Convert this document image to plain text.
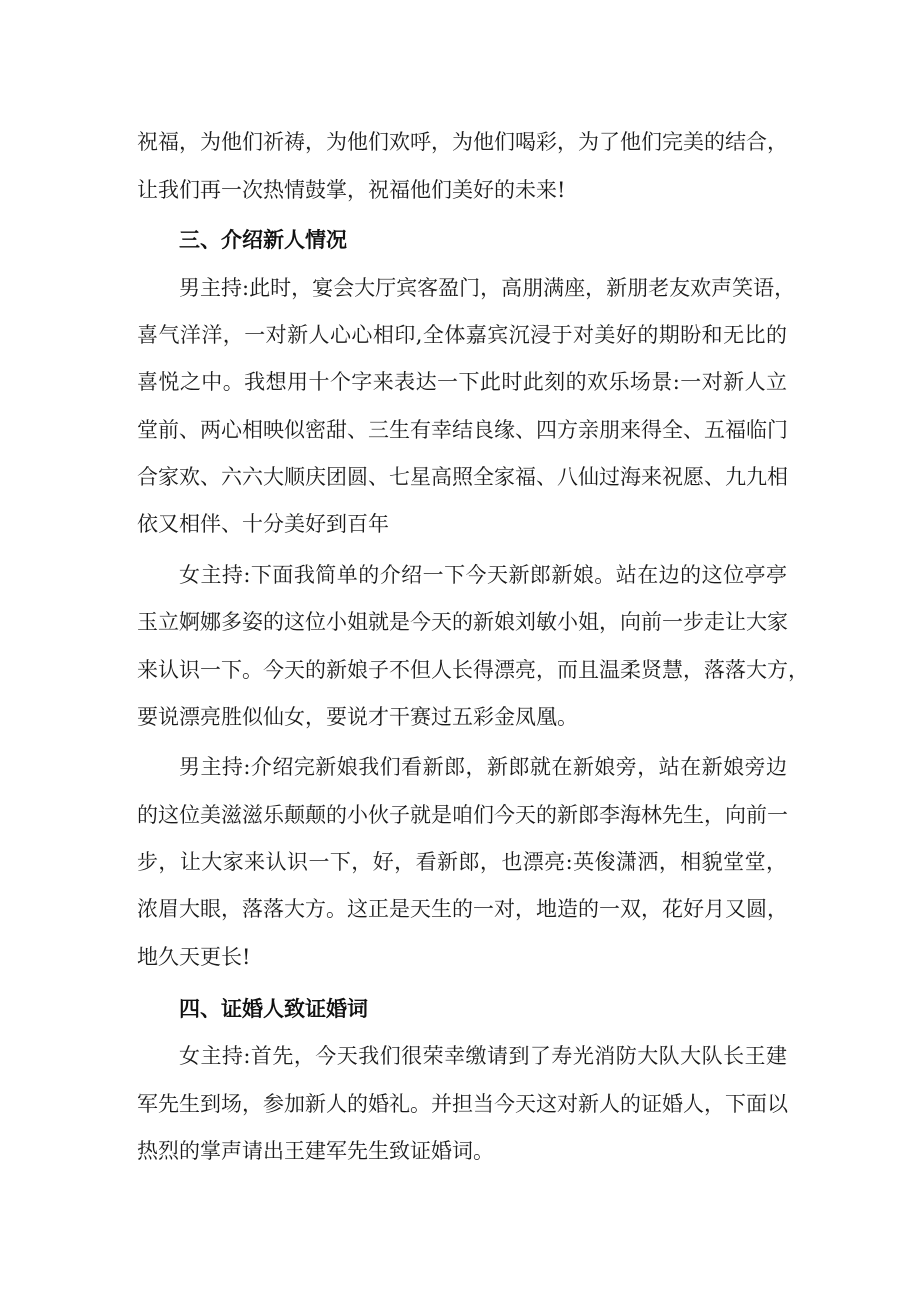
祝福，为他们祈祷，为他们欢呼，为他们喝彩，为了他们完美的结合，
让我们再一次热情鼓掌，祝福他们美好的未来!
三、介绍新人情况
男主持:此时，宴会大厅宾客盈门，高朋满座，新朋老友欢声笑语，
喜气洋洋，一对新人心心相印,全体嘉宾沉浸于对美好的期盼和无比的
喜悦之中。我想用十个字来表达一下此时此刻的欢乐场景:一对新人立
堂前、两心相映似密甜、三生有幸结良缘、四方亲朋来得全、五福临门
合家欢、六六大顺庆团圆、七星高照全家福、八仙过海来祝愿、九九相
依又相伴、十分美好到百年
女主持:下面我简单的介绍一下今天新郎新娘。站在边的这位亭亭
玉立婀娜多姿的这位小姐就是今天的新娘刘敏小姐，向前一步走让大家
来认识一下。今天的新娘子不但人长得漂亮，而且温柔贤慧，落落大方，
要说漂亮胜似仙女，要说才干赛过五彩金凤凰。
男主持:介绍完新娘我们看新郎，新郎就在新娘旁，站在新娘旁边
的这位美滋滋乐颠颠的小伙子就是咱们今天的新郎李海林先生，向前一
步，让大家来认识一下，好，看新郎，也漂亮:英俊潇洒，相貌堂堂，
浓眉大眼，落落大方。这正是天生的一对，地造的一双，花好月又圆，
地久天更长!
四、证婚人致证婚词
女主持:首先，今天我们很荣幸缴请到了寿光消防大队大队长王建
军先生到场，参加新人的婚礼。并担当今天这对新人的证婚人，下面以
热烈的掌声请出王建军先生致证婚词。
